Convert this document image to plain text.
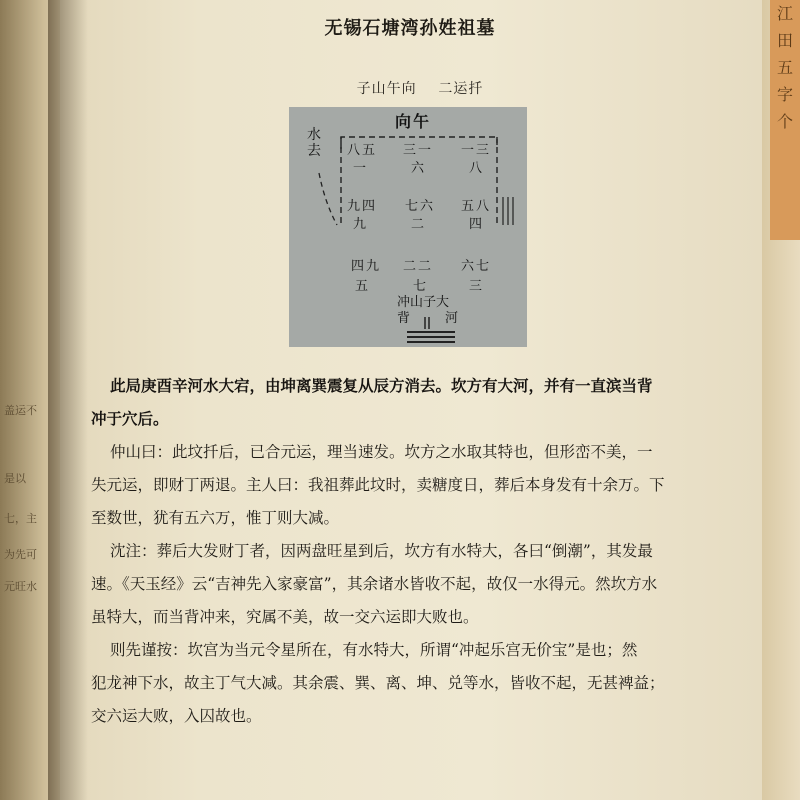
盖运不
是以
七，主
为先可
元旺水
江
田
五
字
个
无锡石塘湾孙姓祖墓
子山午向    二运扦
向午
水去 八五
一
三一
六
一三
八
九四
九
七六
二
五八
四
四九
五
二二
七
六七
三
冲山子大
背	河

此局庚酉辛河水大宕，由坤离巽震复从辰方消去。坎方有大河，并有一直滨当背

冲于穴后。

仲山曰：此坟扦后，已合元运，理当速发。坎方之水取其特也，但形峦不美，一

失元运，即财丁两退。主人曰：我祖葬此坟时，卖糖度日，葬后本身发有十余万。下

至数世，犹有五六万，惟丁则大减。

沈注：葬后大发财丁者，因两盘旺星到后，坎方有水特大，各曰“倒潮”，其发最

速。《天玉经》云“吉神先入家豪富”，其余诸水皆收不起，故仅一水得元。然坎方水

虽特大，而当背冲来，究属不美，故一交六运即大败也。

则先谨按：坎宫为当元令星所在，有水特大，所谓“冲起乐宫无价宝”是也；然

犯龙神下水，故主丁气大减。其余震、巽、离、坤、兑等水，皆收不起，无甚裨益；

交六运大败，入囚故也。
